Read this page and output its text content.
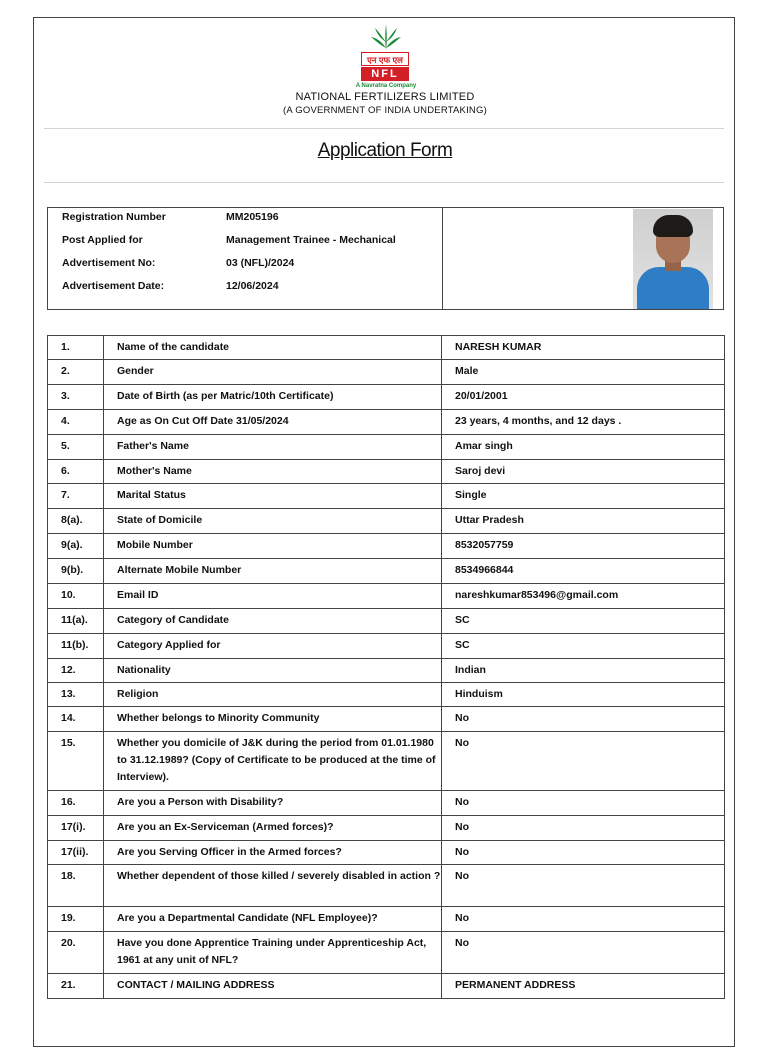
एन एफ एल
NFL
A Navratna Company
NATIONAL FERTILIZERS LIMITED
(A GOVERNMENT OF INDIA UNDERTAKING)
Application Form
Registration Number	MM205196
Post Applied for	Management Trainee - Mechanical
Advertisement No:	03 (NFL)/2024
Advertisement Date:	12/06/2024
1.	Name of the candidate	NARESH KUMAR
2.	Gender	Male
3.	Date of Birth (as per Matric/10th Certificate)	20/01/2001
4.	Age as On Cut Off Date 31/05/2024	23 years, 4 months, and 12 days .
5.	Father's Name	Amar singh
6.	Mother's Name	Saroj devi
7.	Marital Status	Single
8(a).	State of Domicile	Uttar Pradesh
9(a).	Mobile Number	8532057759
9(b).	Alternate Mobile Number	8534966844
10.	Email ID	nareshkumar853496@gmail.com
11(a).	Category of Candidate	SC
11(b).	Category Applied for	SC
12.	Nationality	Indian
13.	Religion	Hinduism
14.	Whether belongs to Minority Community	No
15.	Whether you domicile of J&K during the period from 01.01.1980 to 31.12.1989? (Copy of Certificate to be produced at the time of Interview).	No
16.	Are you a Person with Disability?	No
17(i).	Are you an Ex-Serviceman (Armed forces)?	No
17(ii).	Are you Serving Officer in the Armed forces?	No
18.	Whether dependent of those killed / severely disabled in action ?	No
19.	Are you a Departmental Candidate (NFL Employee)?	No
20.	Have you done Apprentice Training under Apprenticeship Act, 1961 at any unit of NFL?	No
21.	CONTACT / MAILING ADDRESS	PERMANENT ADDRESS
